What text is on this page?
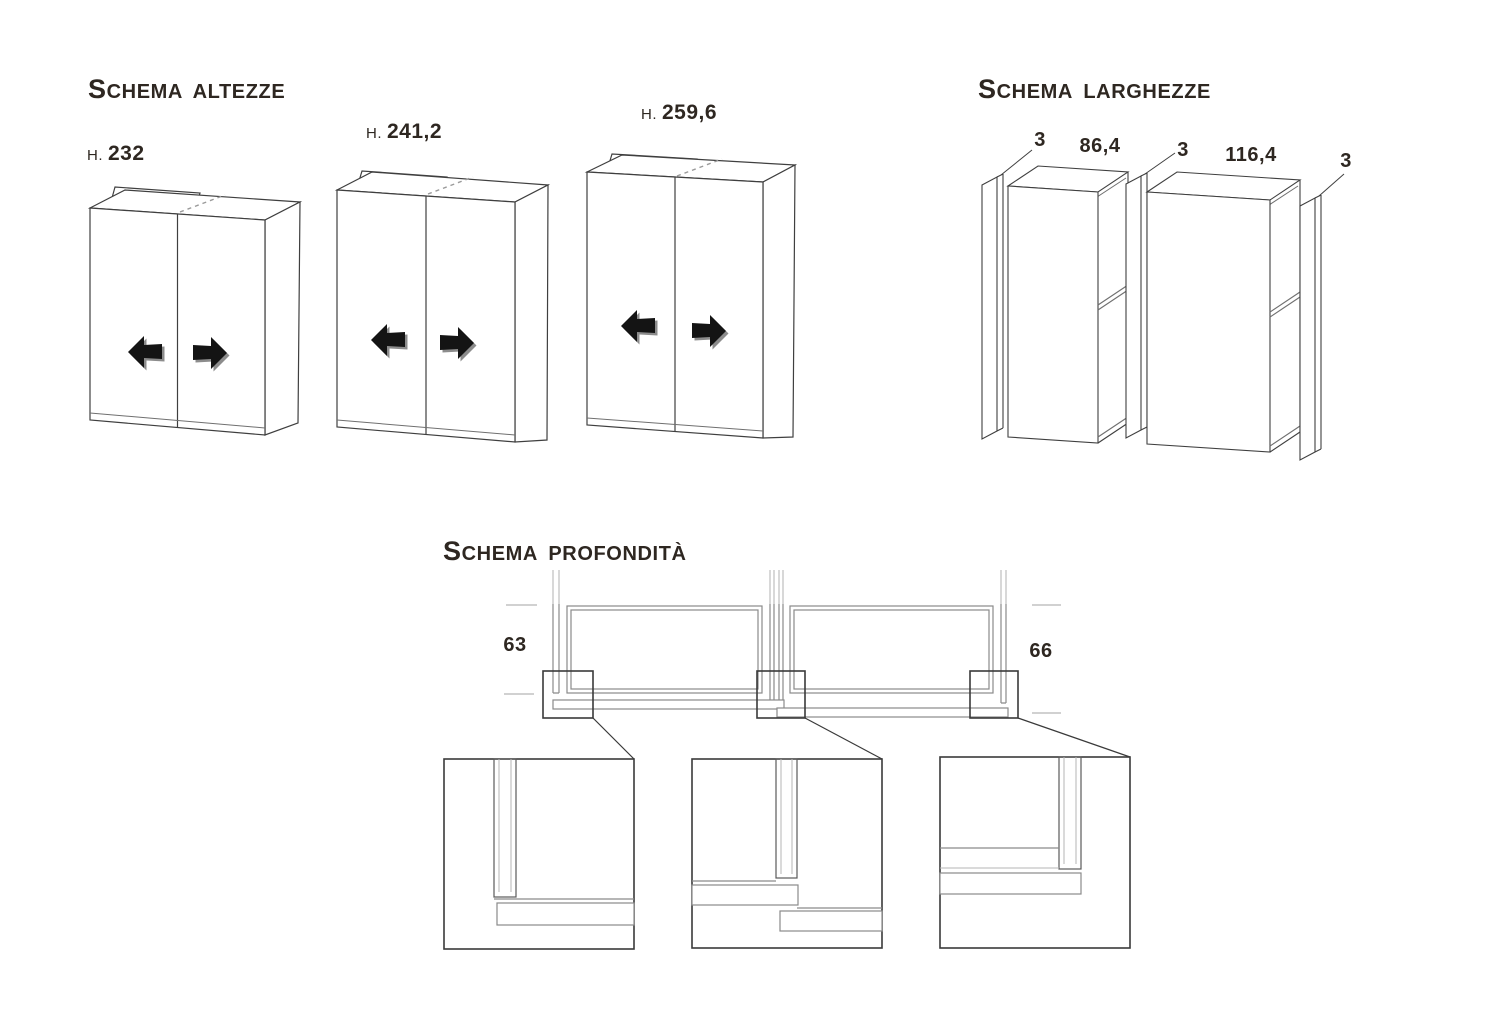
SCHEMA ALTEZZE	SCHEMA LARGHEZZE
SCHEMA PROFONDITÀ
H. 232
H. 241,2
H. 259,6
3	86,4	3	116,4	3
63	66
